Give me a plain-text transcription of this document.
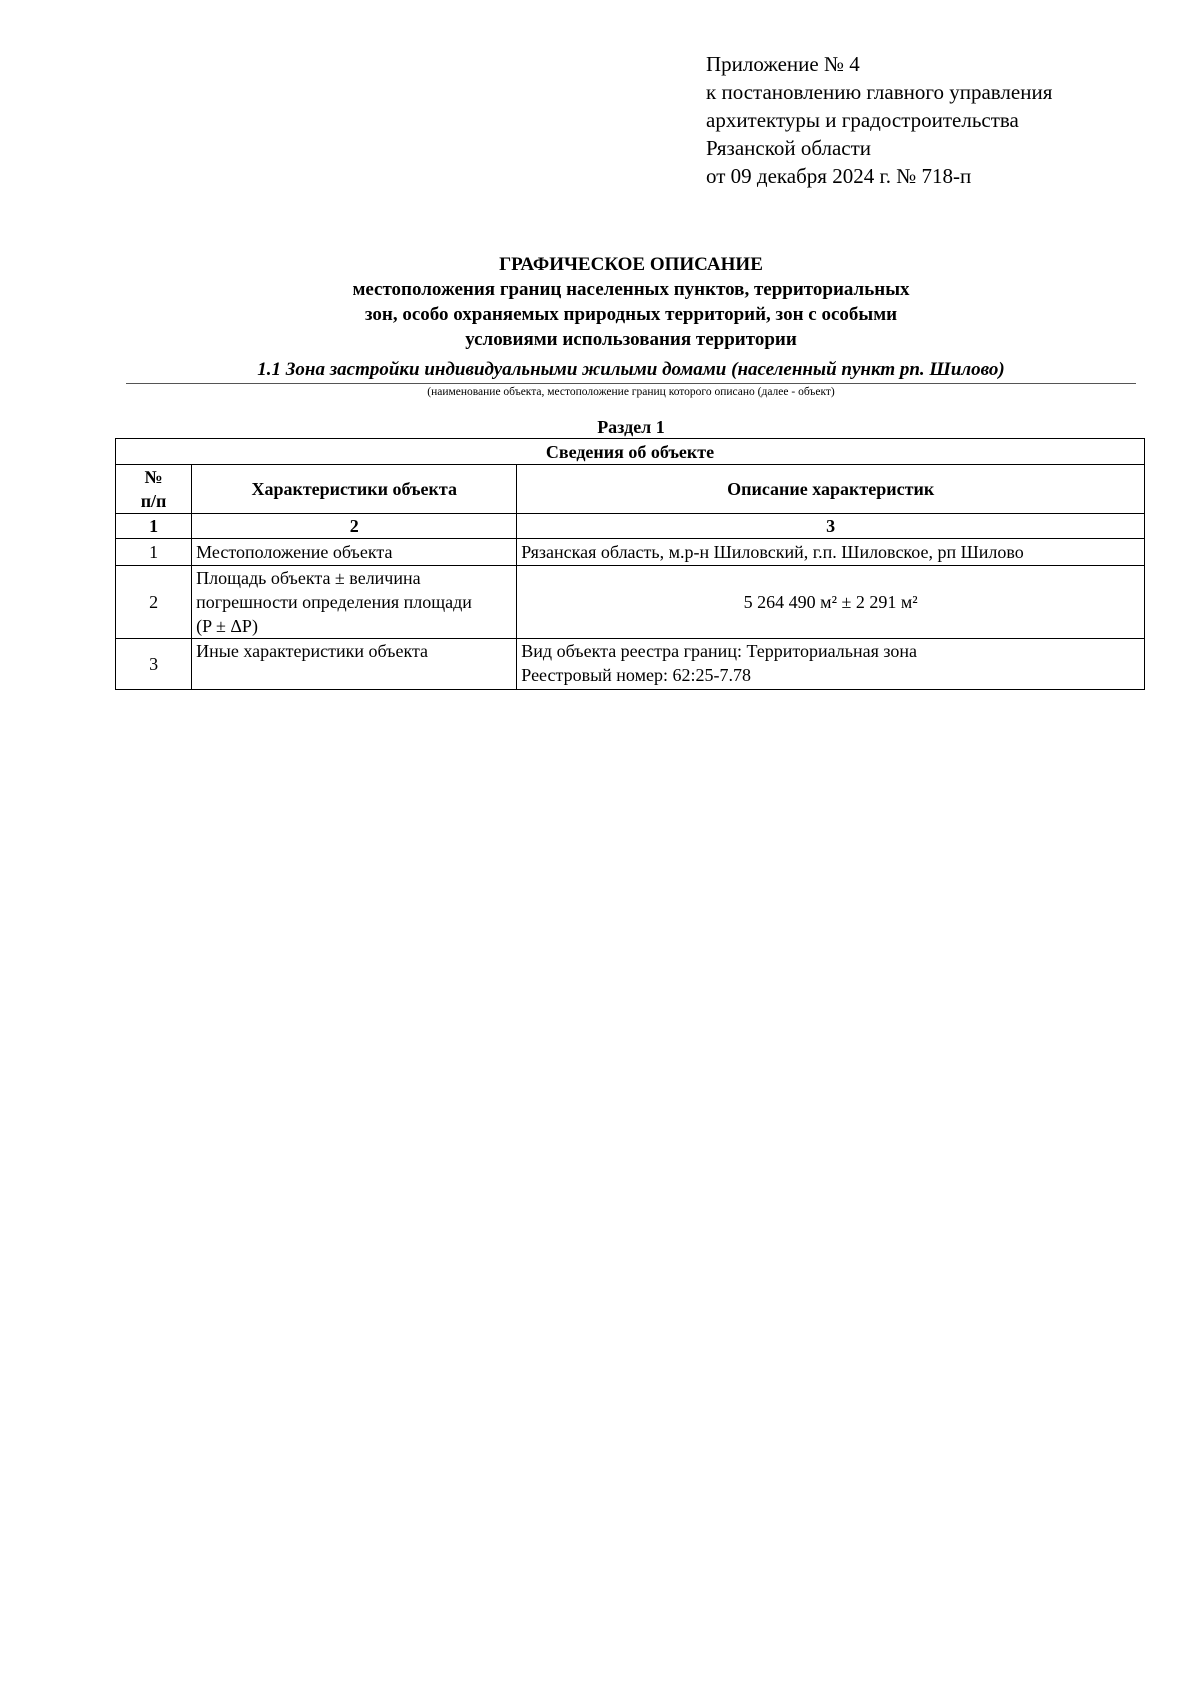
Приложение № 4
к постановлению главного управления
архитектуры и градостроительства
Рязанской области
от 09 декабря 2024 г. № 718-п
ГРАФИЧЕСКОЕ ОПИСАНИЕ
местоположения границ населенных пунктов, территориальных
зон, особо охраняемых природных территорий, зон с особыми
условиями использования территории
1.1 Зона застройки индивидуальными жилыми домами (населенный пункт рп. Шилово)
(наименование объекта, местоположение границ которого описано (далее - объект)
Раздел 1
Сведения об объекте		

№
п/п	Характеристики объекта	Описание характеристик
1	2	3
1	Местоположение объекта	Рязанская область, м.р-н Шиловский, г.п. Шиловское, рп Шилово

2	Площадь объекта ± величина
погрешности определения площади
(P ± ΔP)	5 264 490 м² ± 2 291 м²

3	Иные характеристики объекта	Вид объекта реестра границ: Территориальная зона
Реестровый номер: 62:25-7.78
